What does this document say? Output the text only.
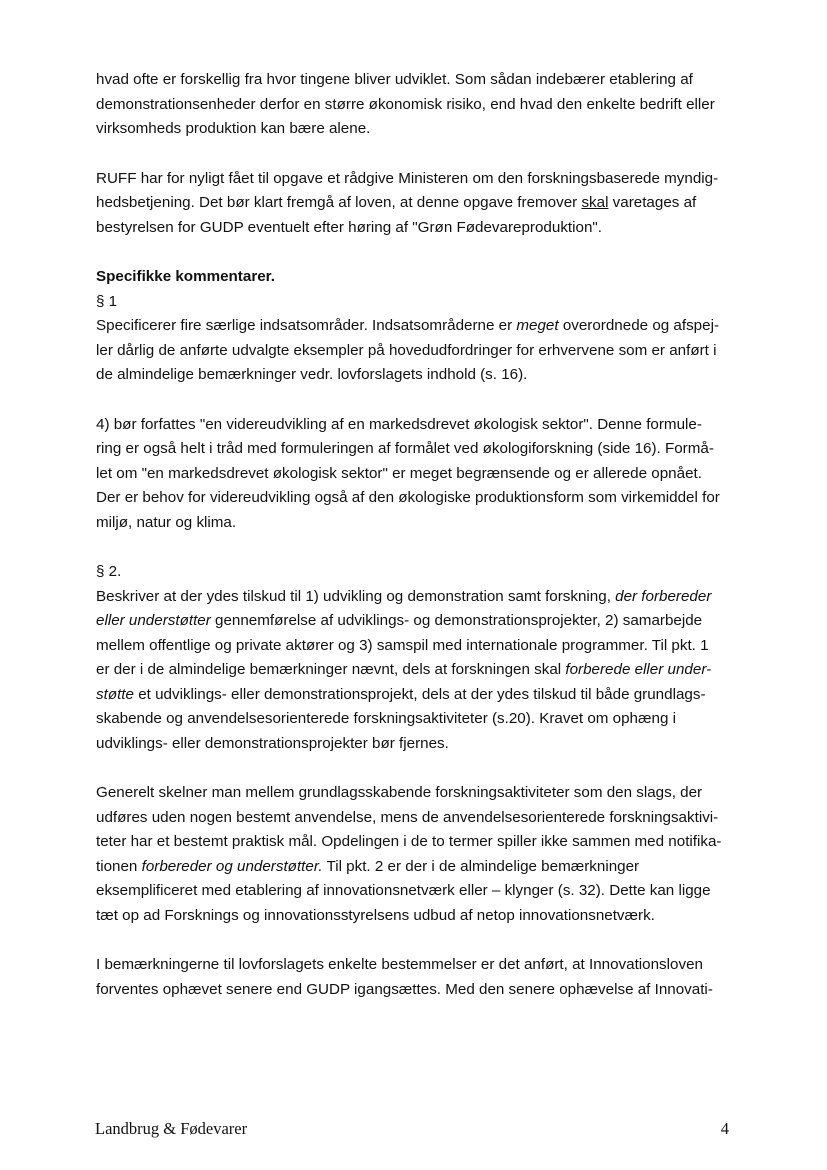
hvad ofte er forskellig fra hvor tingene bliver udviklet. Som sådan indebærer etablering af
demonstrationsenheder derfor en større økonomisk risiko, end hvad den enkelte bedrift eller
virksomheds produktion kan bære alene.

RUFF har for nyligt fået til opgave et rådgive Ministeren om den forskningsbaserede myndig-
hedsbetjening. Det bør klart fremgå af loven, at denne opgave fremover skal varetages af
bestyrelsen for GUDP eventuelt efter høring af "Grøn Fødevareproduktion".

Specifikke kommentarer.

§ 1

Specificerer fire særlige indsatsområder. Indsatsområderne er meget overordnede og afspej-
ler dårlig de anførte udvalgte eksempler på hovedudfordringer for erhvervene som er anført i
de almindelige bemærkninger vedr. lovforslagets indhold (s. 16).

4) bør forfattes "en videreudvikling af en markedsdrevet økologisk sektor". Denne formule-
ring er også helt i tråd med formuleringen af formålet ved økologiforskning (side 16). Formå-
let om "en markedsdrevet økologisk sektor" er meget begrænsende og er allerede opnået.
Der er behov for videreudvikling også af den økologiske produktionsform som virkemiddel for
miljø, natur og klima.

§ 2.

Beskriver at der ydes tilskud til 1) udvikling og demonstration samt forskning, der forbereder
eller understøtter gennemførelse af udviklings- og demonstrationsprojekter, 2) samarbejde
mellem offentlige og private aktører og 3) samspil med internationale programmer. Til pkt. 1
er der i de almindelige bemærkninger nævnt, dels at forskningen skal forberede eller under-
støtte et udviklings- eller demonstrationsprojekt, dels at der ydes tilskud til både grundlags-
skabende og anvendelsesorienterede forskningsaktiviteter (s.20). Kravet om ophæng i
udviklings- eller demonstrationsprojekter bør fjernes.

Generelt skelner man mellem grundlagsskabende forskningsaktiviteter som den slags, der
udføres uden nogen bestemt anvendelse, mens de anvendelsesorienterede forskningsaktivi-
teter har et bestemt praktisk mål. Opdelingen i de to termer spiller ikke sammen med notifika-
tionen forbereder og understøtter. Til pkt. 2 er der i de almindelige bemærkninger
eksemplificeret med etablering af innovationsnetværk eller – klynger (s. 32). Dette kan ligge
tæt op ad Forsknings og innovationsstyrelsens udbud af netop innovationsnetværk.

I bemærkningerne til lovforslagets enkelte bestemmelser er det anført, at Innovationsloven
forventes ophævet senere end GUDP igangsættes. Med den senere ophævelse af Innovati-

Landbrug & Fødevarer	4
